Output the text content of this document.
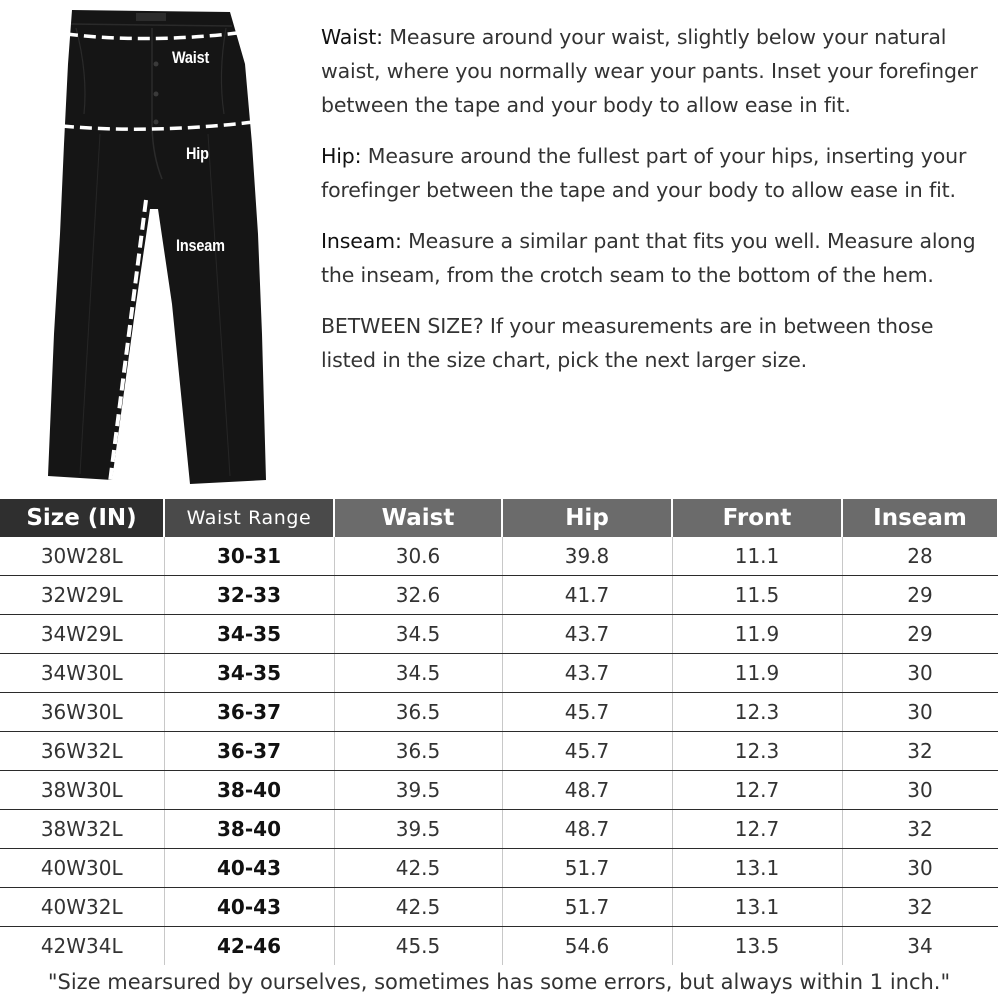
Waist
Hip
Inseam

Waist: Measure around your waist, slightly below your natural waist, where you normally wear your pants. Inset your forefinger between the tape and your body to allow ease in fit.

Hip: Measure around the fullest part of your hips, inserting your forefinger between the tape and your body to allow ease in fit.

Inseam: Measure a similar pant that fits you well. Measure along the inseam, from the crotch seam to the bottom of the hem.

BETWEEN SIZE? If your measurements are in between those listed in the size chart, pick the next larger size.

Size (IN)	Waist Range	Waist	Hip	Front	Inseam
30W28L	30-31	30.6	39.8	11.1	28
32W29L	32-33	32.6	41.7	11.5	29
34W29L	34-35	34.5	43.7	11.9	29
34W30L	34-35	34.5	43.7	11.9	30
36W30L	36-37	36.5	45.7	12.3	30
36W32L	36-37	36.5	45.7	12.3	32
38W30L	38-40	39.5	48.7	12.7	30
38W32L	38-40	39.5	48.7	12.7	32
40W30L	40-43	42.5	51.7	13.1	30
40W32L	40-43	42.5	51.7	13.1	32
42W34L	42-46	45.5	54.6	13.5	34
"Size mearsured by ourselves, sometimes has some errors, but always within 1 inch."
